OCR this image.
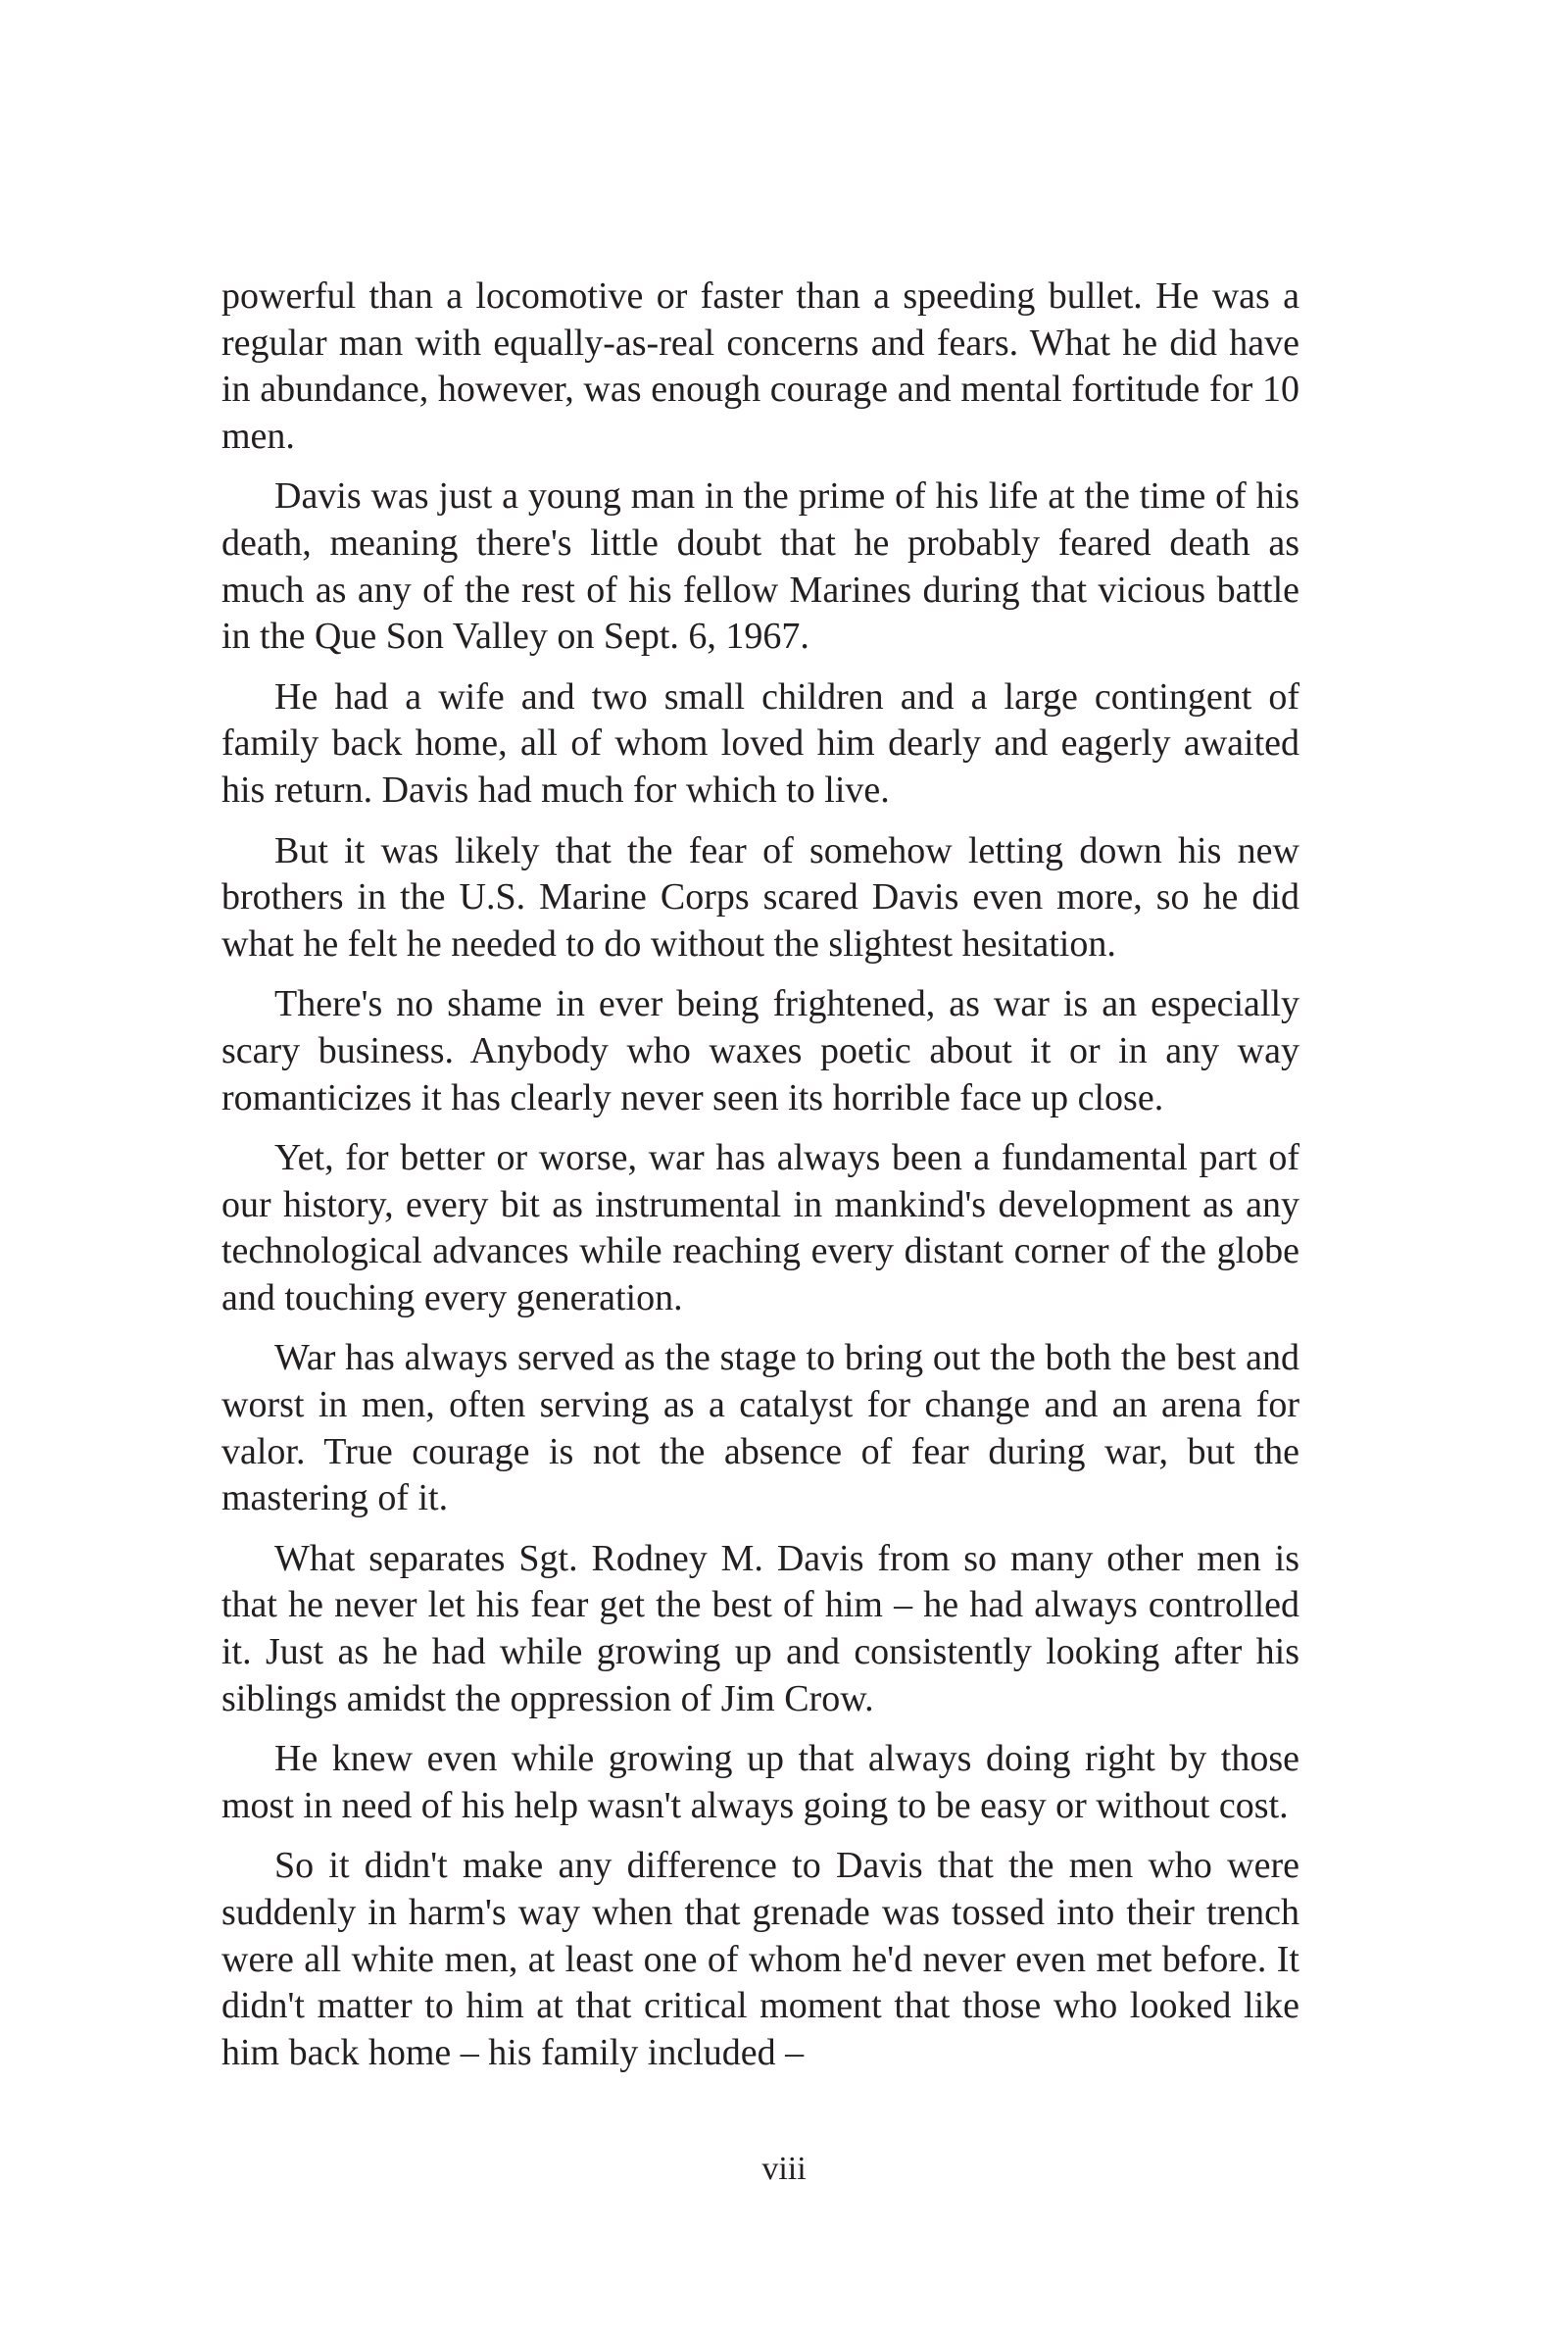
powerful than a locomotive or faster than a speeding bullet. He was a regular man with equally-as-real concerns and fears. What he did have in abundance, however, was enough courage and mental fortitude for 10 men.

Davis was just a young man in the prime of his life at the time of his death, meaning there's little doubt that he probably feared death as much as any of the rest of his fellow Marines during that vicious battle in the Que Son Valley on Sept. 6, 1967.

He had a wife and two small children and a large contingent of family back home, all of whom loved him dearly and eagerly awaited his return. Davis had much for which to live.

But it was likely that the fear of somehow letting down his new brothers in the U.S. Marine Corps scared Davis even more, so he did what he felt he needed to do without the slightest hesitation.

There's no shame in ever being frightened, as war is an especially scary business. Anybody who waxes poetic about it or in any way romanticizes it has clearly never seen its horrible face up close.

Yet, for better or worse, war has always been a fundamental part of our history, every bit as instrumental in mankind's development as any technological advances while reaching every distant corner of the globe and touching every generation.

War has always served as the stage to bring out the both the best and worst in men, often serving as a catalyst for change and an arena for valor. True courage is not the absence of fear during war, but the mastering of it.

What separates Sgt. Rodney M. Davis from so many other men is that he never let his fear get the best of him – he had always controlled it. Just as he had while growing up and consistently looking after his siblings amidst the oppression of Jim Crow.

He knew even while growing up that always doing right by those most in need of his help wasn't always going to be easy or without cost.

So it didn't make any difference to Davis that the men who were suddenly in harm's way when that grenade was tossed into their trench were all white men, at least one of whom he'd never even met before. It didn't matter to him at that critical moment that those who looked like him back home – his family included –

viii
